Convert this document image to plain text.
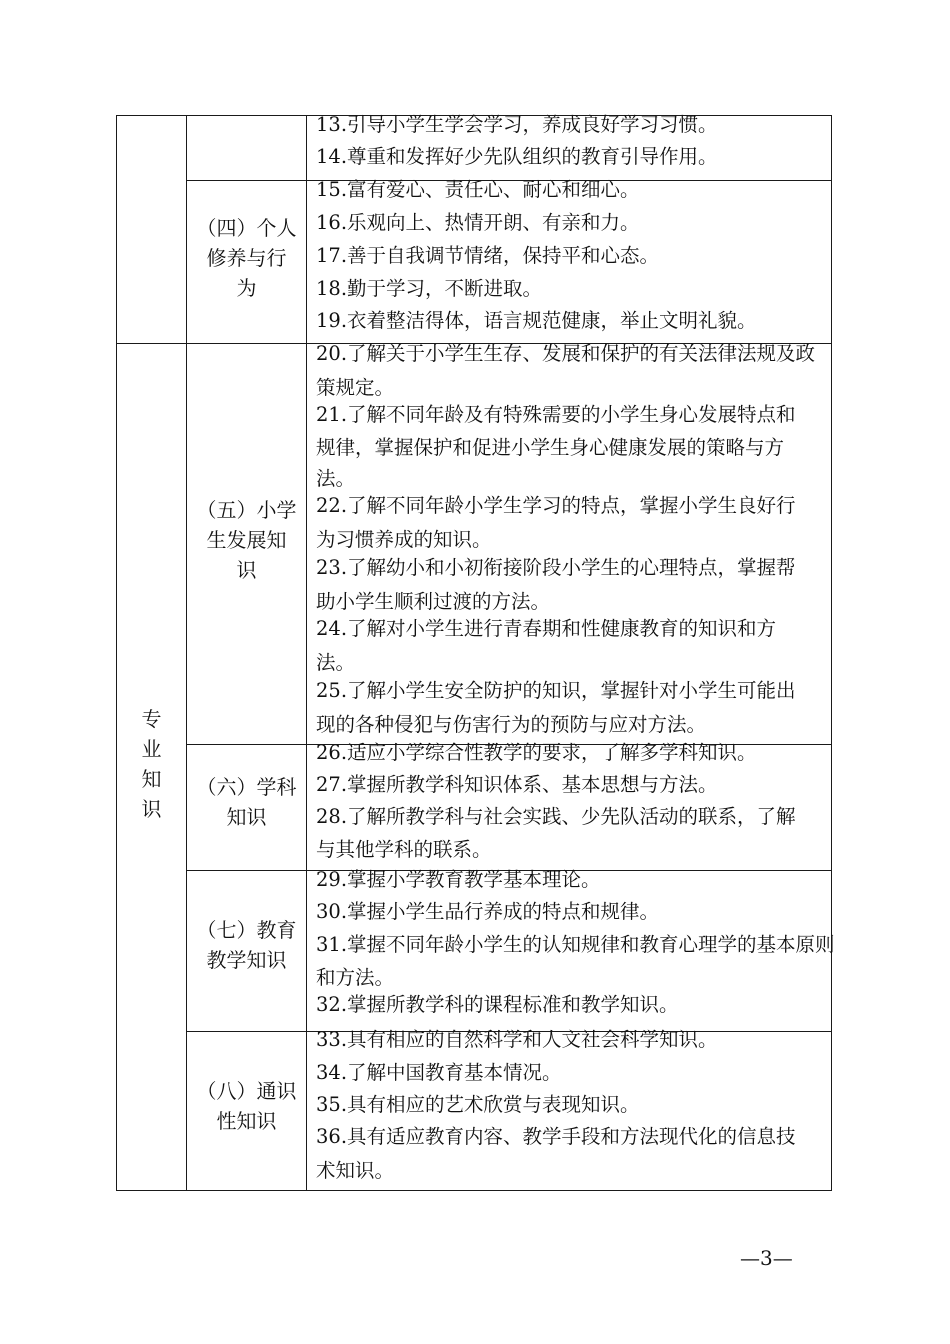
专
业
知
识
（四）个人
修养与行
为
（五）小学
生发展知
识
（六）学科
知识
（七）教育
教学知识
（八）通识
性知识
13.引导小学生学会学习，养成良好学习习惯。
14.尊重和发挥好少先队组织的教育引导作用。
15.富有爱心、责任心、耐心和细心。
16.乐观向上、热情开朗、有亲和力。
17.善于自我调节情绪，保持平和心态。
18.勤于学习，不断进取。
19.衣着整洁得体，语言规范健康，举止文明礼貌。
20.了解关于小学生生存、发展和保护的有关法律法规及政
策规定。
21.了解不同年龄及有特殊需要的小学生身心发展特点和
规律，掌握保护和促进小学生身心健康发展的策略与方
法。
22.了解不同年龄小学生学习的特点，掌握小学生良好行
为习惯养成的知识。
23.了解幼小和小初衔接阶段小学生的心理特点，掌握帮
助小学生顺利过渡的方法。
24.了解对小学生进行青春期和性健康教育的知识和方
法。
25.了解小学生安全防护的知识，掌握针对小学生可能出
现的各种侵犯与伤害行为的预防与应对方法。
26.适应小学综合性教学的要求，了解多学科知识。
27.掌握所教学科知识体系、基本思想与方法。
28.了解所教学科与社会实践、少先队活动的联系，了解
与其他学科的联系。
29.掌握小学教育教学基本理论。
30.掌握小学生品行养成的特点和规律。
31.掌握不同年龄小学生的认知规律和教育心理学的基本原则
和方法。
32.掌握所教学科的课程标准和教学知识。
33.具有相应的自然科学和人文社会科学知识。
34.了解中国教育基本情况。
35.具有相应的艺术欣赏与表现知识。
36.具有适应教育内容、教学手段和方法现代化的信息技
术知识。
—3—
